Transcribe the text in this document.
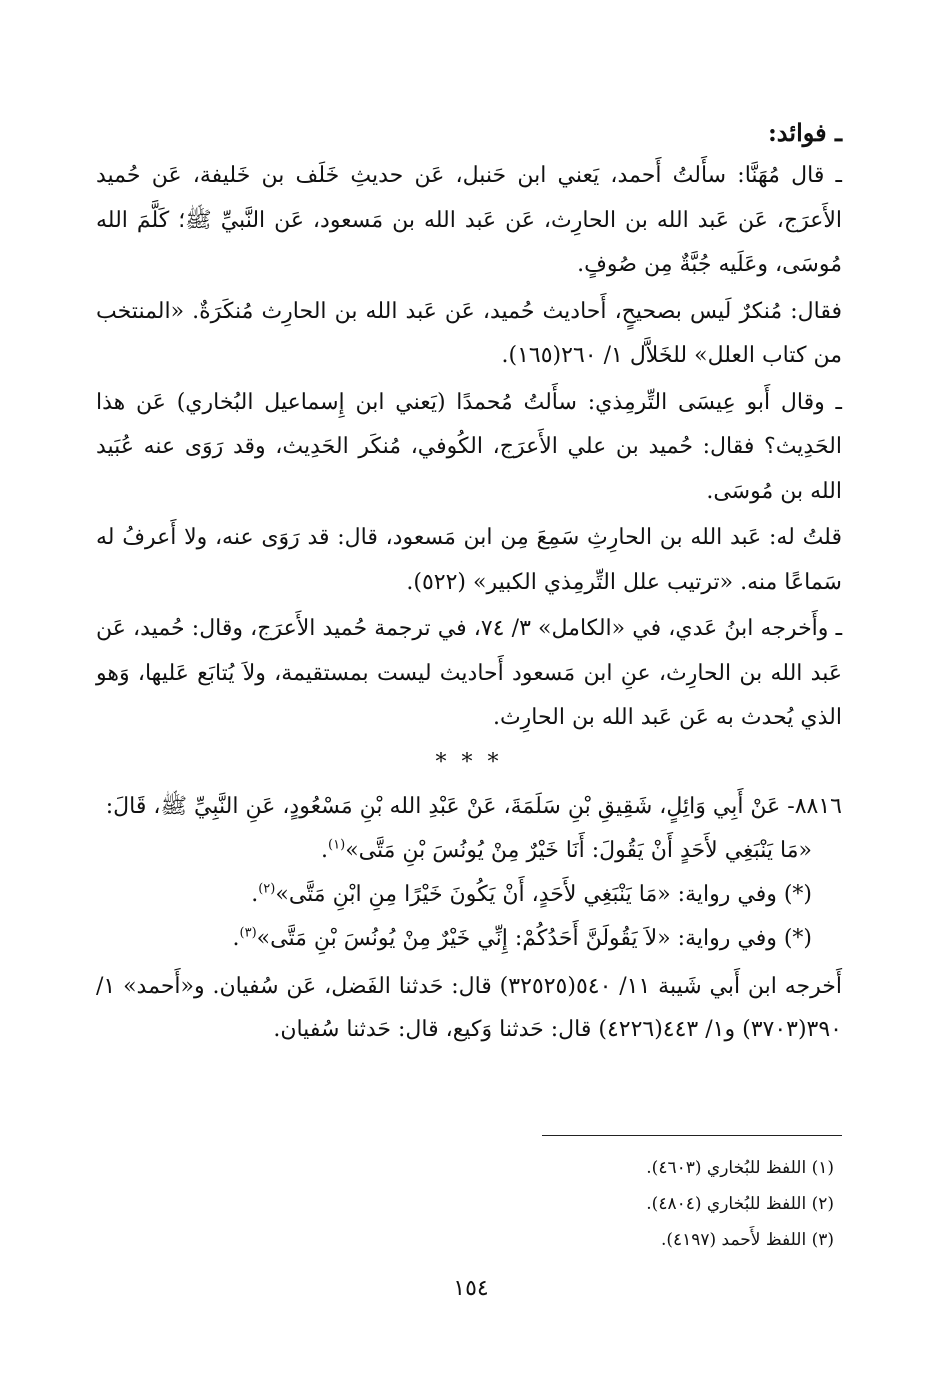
ـ فوائد:

ـ قال مُهَنَّا: سأَلتُ أَحمد، يَعني ابن حَنبل، عَن حديثِ خَلَف بن خَليفة، عَن حُميد الأَعرَج، عَن عَبد الله بن الحارِث، عَن عَبد الله بن مَسعود، عَن النَّبيِّ ﷺ؛ كَلَّمَ الله مُوسَى، وعَلَيه جُبَّةٌ مِن صُوفٍ.

فقال: مُنكرٌ لَيس بصحيحٍ، أَحاديث حُميد، عَن عَبد الله بن الحارِث مُنكَرَةٌ. «المنتخب من كتاب العلل» للخَلاَّل ١/ ٢٦٠(١٦٥).

ـ وقال أَبو عِيسَى التِّرمِذي: سأَلتُ مُحمدًا (يَعني ابن إِسماعيل البُخاري) عَن هذا الحَدِيث؟ فقال: حُميد بن علي الأَعرَج، الكُوفي، مُنكَر الحَدِيث، وقد رَوَى عنه عُبَيد الله بن مُوسَى.

قلتُ له: عَبد الله بن الحارِثِ سَمِعَ مِن ابن مَسعود، قال: قد رَوَى عنه، ولا أَعرفُ له سَماعًا منه. «ترتيب علل التِّرمِذي الكبير» (٥٢٢).

ـ وأَخرجه ابنُ عَدي، في «الكامل» ٣/ ٧٤، في ترجمة حُميد الأَعرَج، وقال: حُميد، عَن عَبد الله بن الحارِث، عنِ ابن مَسعود أَحاديث ليست بمستقيمة، ولاَ يُتابَع عَليها، وَهو الذي يُحدث به عَن عَبد الله بن الحارِث.

* * *
٨٨١٦- عَنْ أَبِي وَائِلٍ، شَقِيقِ بْنِ سَلَمَةَ، عَنْ عَبْدِ الله بْنِ مَسْعُودٍ، عَنِ النَّبِيِّ ﷺ، قَالَ:
«مَا يَنْبَغِي لأَحَدٍ أَنْ يَقُولَ: أَنَا خَيْرٌ مِنْ يُونُسَ بْنِ مَتَّى»$^{(١)}$.
(*) وفي رواية: «مَا يَنْبَغِي لأَحَدٍ، أَنْ يَكُونَ خَيْرًا مِنِ ابْنِ مَتَّى»$^{(٢)}$.
(*) وفي رواية: «لاَ يَقُولَنَّ أَحَدُكُمْ: إِنِّي خَيْرٌ مِنْ يُونُسَ بْنِ مَتَّى»$^{(٣)}$.
أَخرجه ابن أَبي شَيبة ١١/ ٥٤٠(٣٢٥٢٥) قال: حَدثنا الفَضل، عَن سُفيان. و«أَحمد» ١/ ٣٩٠(٣٧٠٣) و١/ ٤٤٣(٤٢٢٦) قال: حَدثنا وَكيع، قال: حَدثنا سُفيان.
(١) اللفظ للبُخاري (٤٦٠٣).
(٢) اللفظ للبُخاري (٤٨٠٤).
(٣) اللفظ لأَحمد (٤١٩٧).
١٥٤
